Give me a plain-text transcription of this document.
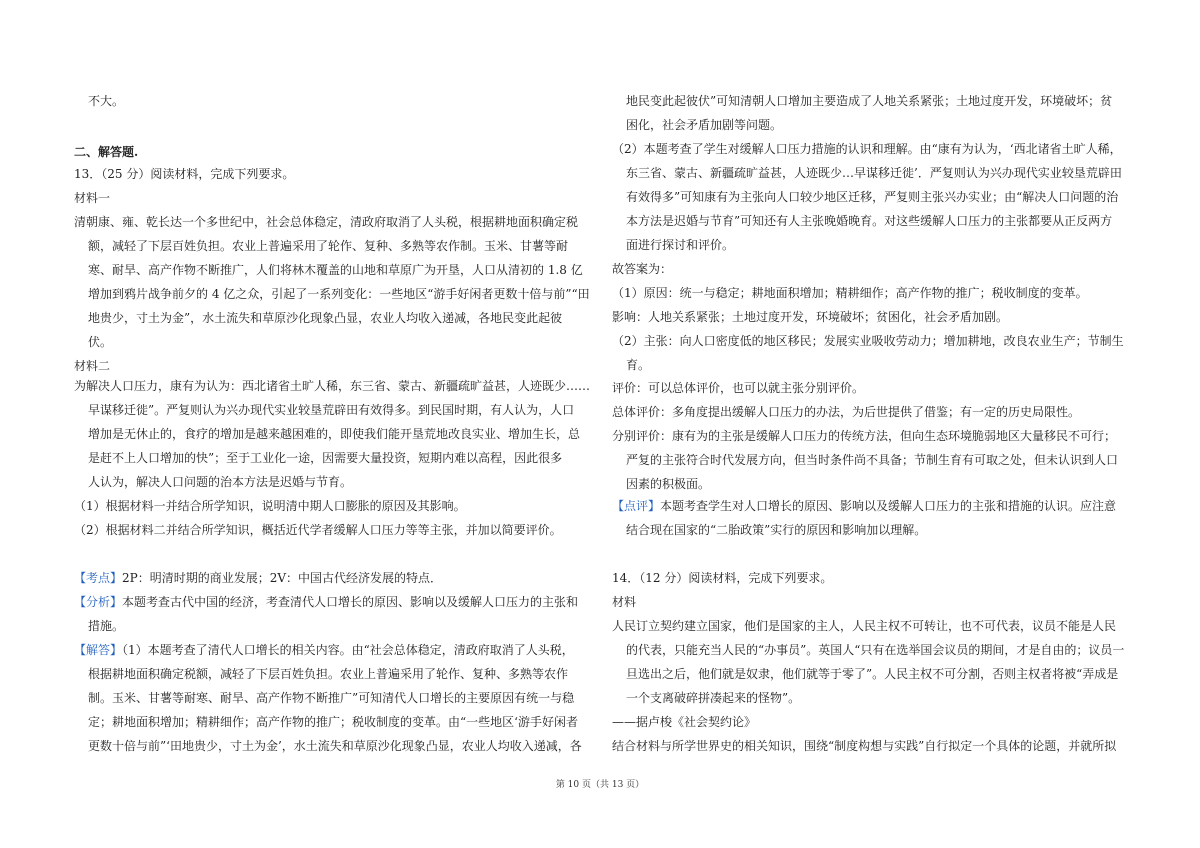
不大。
二、解答题.
13．（25 分）阅读材料，完成下列要求。
材料一
清朝康、雍、乾长达一个多世纪中，社会总体稳定，清政府取消了人头税，根据耕地面积确定税
额，减轻了下层百姓负担。农业上普遍采用了轮作、复种、多熟等农作制。玉米、甘薯等耐
寒、耐旱、高产作物不断推广，人们将林木覆盖的山地和草原广为开垦，人口从清初的 1.8 亿
增加到鸦片战争前夕的 4 亿之众，引起了一系列变化：一些地区“游手好闲者更数十倍与前”“田
地贵少，寸土为金”，水土流失和草原沙化现象凸显，农业人均收入递减，各地民变此起彼
伏。
材料二
为解决人口压力，康有为认为：西北诸省土旷人稀，东三省、蒙古、新疆疏旷益甚，人迹既少……
早谋移迁徙”。严复则认为兴办现代实业较垦荒辟田有效得多。到民国时期，有人认为，人口
增加是无休止的，食疗的增加是越来越困难的，即使我们能开垦荒地改良实业、增加生长，总
是赶不上人口增加的快”；至于工业化一途，因需要大量投资，短期内难以高程，因此很多
人认为，解决人口问题的治本方法是迟婚与节育。
（1）根据材料一并结合所学知识，说明清中期人口膨胀的原因及其影响。
（2）根据材料二并结合所学知识，概括近代学者缓解人口压力等等主张，并加以简要评价。
【考点】2P：明清时期的商业发展；2V：中国古代经济发展的特点．
【分析】本题考查古代中国的经济，考查清代人口增长的原因、影响以及缓解人口压力的主张和
措施。
【解答】（1）本题考查了清代人口增长的相关内容。由“社会总体稳定，清政府取消了人头税，
根据耕地面积确定税额，减轻了下层百姓负担。农业上普遍采用了轮作、复种、多熟等农作
制。玉米、甘薯等耐寒、耐旱、高产作物不断推广”可知清代人口增长的主要原因有统一与稳
定；耕地面积增加；精耕细作；高产作物的推广；税收制度的变革。由“一些地区‘游手好闲者
更数十倍与前”‘田地贵少，寸土为金’，水土流失和草原沙化现象凸显，农业人均收入递减，各
地民变此起彼伏”可知清朝人口增加主要造成了人地关系紧张；土地过度开发，环境破坏；贫
困化，社会矛盾加剧等问题。
（2）本题考查了学生对缓解人口压力措施的认识和理解。由“康有为认为，‘西北诸省土旷人稀，
东三省、蒙古、新疆疏旷益甚，人迹既少…早谋移迁徙’．严复则认为兴办现代实业较垦荒辟田
有效得多”可知康有为主张向人口较少地区迁移，严复则主张兴办实业；由“解决人口问题的治
本方法是迟婚与节育”可知还有人主张晚婚晚育。对这些缓解人口压力的主张都要从正反两方
面进行探讨和评价。
故答案为：
（1）原因：统一与稳定；耕地面积增加；精耕细作；高产作物的推广；税收制度的变革。
影响：人地关系紧张；土地过度开发，环境破坏；贫困化，社会矛盾加剧。
（2）主张：向人口密度低的地区移民；发展实业吸收劳动力；增加耕地，改良农业生产；节制生
育。
评价：可以总体评价，也可以就主张分别评价。
总体评价：多角度提出缓解人口压力的办法，为后世提供了借鉴；有一定的历史局限性。
分别评价：康有为的主张是缓解人口压力的传统方法，但向生态环境脆弱地区大量移民不可行；
严复的主张符合时代发展方向，但当时条件尚不具备；节制生育有可取之处，但未认识到人口
因素的积极面。
【点评】本题考查学生对人口增长的原因、影响以及缓解人口压力的主张和措施的认识。应注意
结合现在国家的“二胎政策”实行的原因和影响加以理解。
14．（12 分）阅读材料，完成下列要求。
材料
人民订立契约建立国家，他们是国家的主人，人民主权不可转让，也不可代表，议员不能是人民
的代表，只能充当人民的“办事员”。英国人“只有在选举国会议员的期间，才是自由的；议员一
旦选出之后，他们就是奴隶，他们就等于零了”。人民主权不可分割，否则主权者将被“弄成是
一个支离破碎拼凑起来的怪物”。
——据卢梭《社会契约论》
结合材料与所学世界史的相关知识，围绕“制度构想与实践”自行拟定一个具体的论题，并就所拟
第 10 页（共 13 页）
